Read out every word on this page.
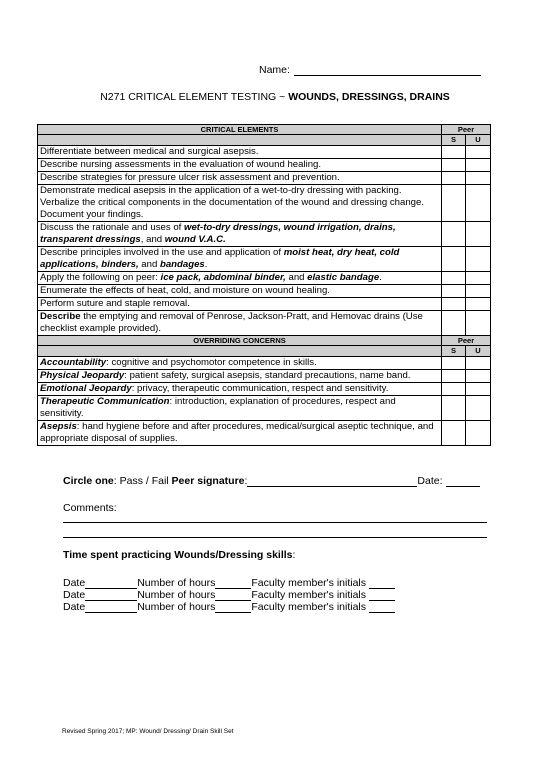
Name:
N271 CRITICAL ELEMENT TESTING ~ WOUNDS, DRESSINGS, DRAINS
CRITICAL ELEMENTS	Peer	
	S	U
Differentiate between medical and surgical asepsis.		
Describe nursing assessments in the evaluation of wound healing.		
Describe strategies for pressure ulcer risk assessment and prevention.		
Demonstrate medical asepsis in the application of a wet-to-dry dressing with packing. Verbalize the critical components in the documentation of the wound and dressing change. Document your findings.		
Discuss the rationale and uses of wet-to-dry dressings, wound irrigation, drains, transparent dressings, and wound V.A.C.		
Describe principles involved in the use and application of moist heat, dry heat, cold applications, binders, and bandages.		
Apply the following on peer: ice pack, abdominal binder, and elastic bandage.		
Enumerate the effects of heat, cold, and moisture on wound healing.		
Perform suture and staple removal.		
Describe the emptying and removal of Penrose, Jackson-Pratt, and Hemovac drains (Use checklist example provided).		
OVERRIDING CONCERNS	Peer	
	S	U
Accountability: cognitive and psychomotor competence in skills.		
Physical Jeopardy: patient safety, surgical asepsis, standard precautions, name band.		
Emotional Jeopardy: privacy, therapeutic communication, respect and sensitivity.		
Therapeutic Communication: introduction, explanation of procedures, respect and sensitivity.		
Asepsis: hand hygiene before and after procedures, medical/surgical aseptic technique, and appropriate disposal of supplies.		
Circle one: Pass / Fail Peer signature:	Date:
Comments:
Time spent practicing Wounds/Dressing skills:
Date	Number of hours	Faculty member's initials
Date	Number of hours	Faculty member's initials
Date	Number of hours	Faculty member's initials
Revised Spring 2017; MP: Wound/ Dressing/ Drain Skill Set
